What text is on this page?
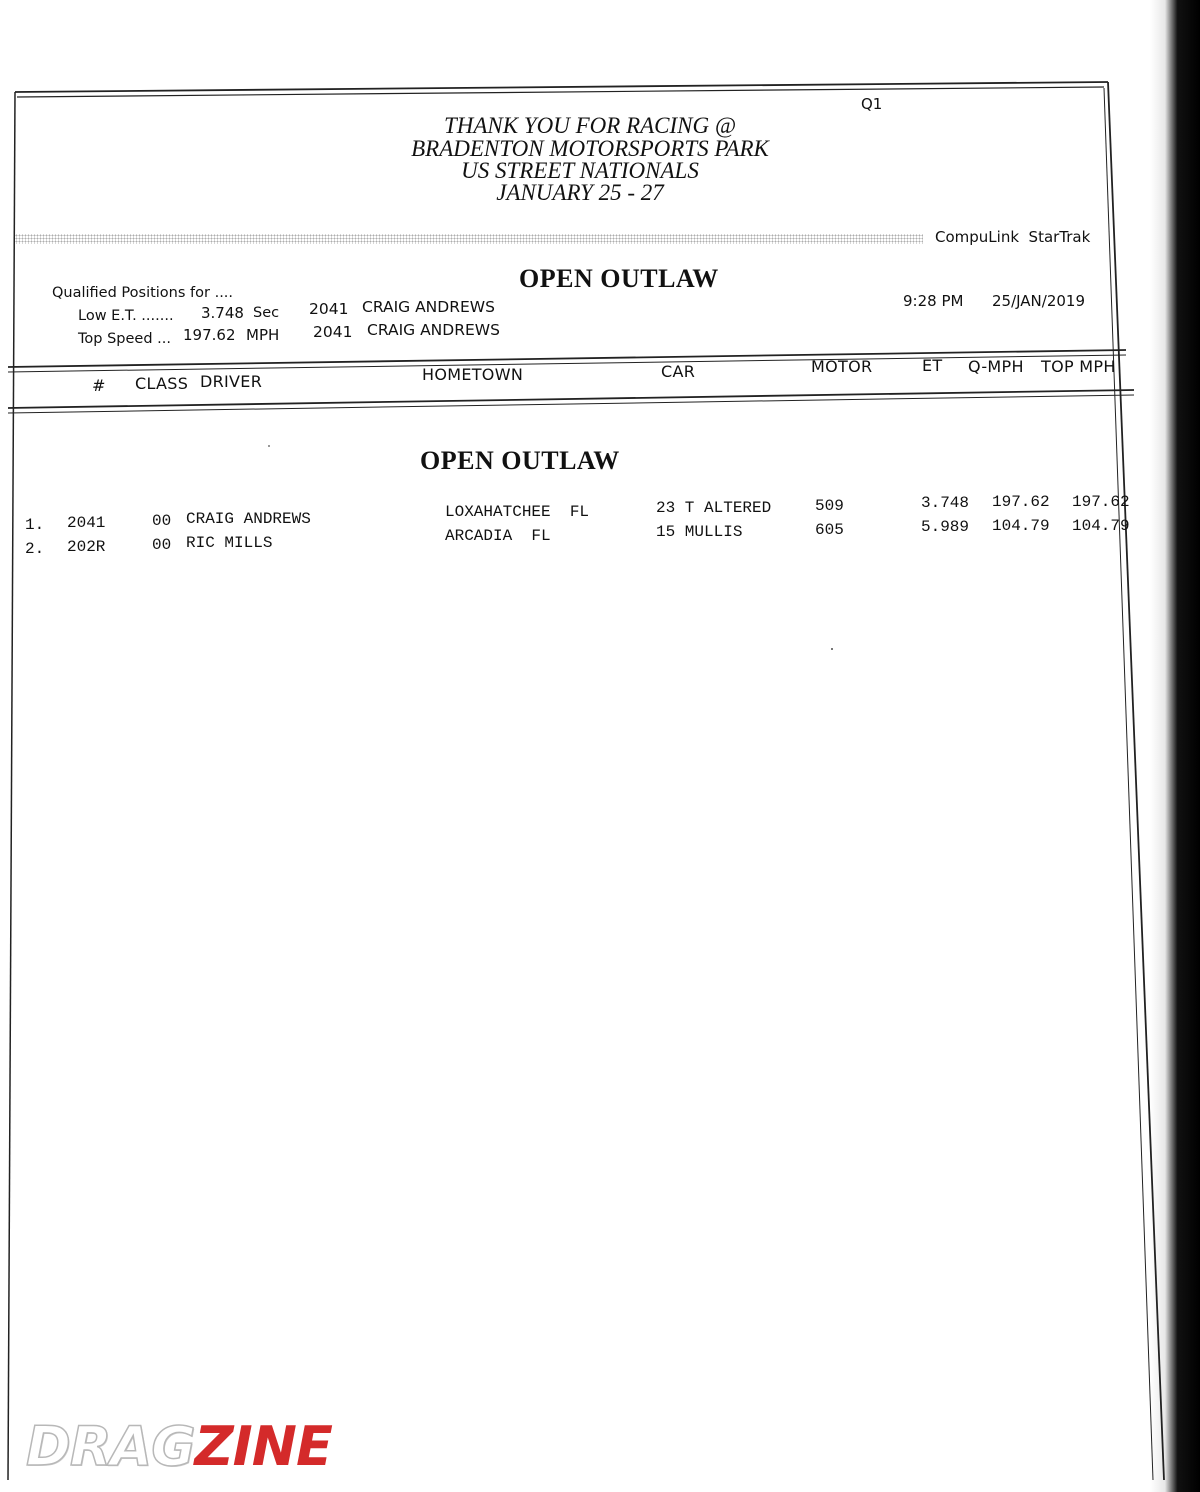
Q1
THANK YOU FOR RACING @
BRADENTON MOTORSPORTS PARK
US STREET NATIONALS
JANUARY 25 - 27
CompuLink  StarTrak
OPEN OUTLAW
Qualified Positions for ....
Low E.T. ....... 3.748 Sec 2041 CRAIG ANDREWS
Top Speed ... 197.62 MPH 2041 CRAIG ANDREWS
9:28 PM 25/JAN/2019
# CLASS DRIVER	HOMETOWN	CAR	MOTOR	ET Q-MPH TOP MPH
OPEN OUTLAW
1. 2041	00 CRAIG ANDREWS	LOXAHATCHEE  FL	23 T ALTERED	509	3.748 197.62 197.62
2. 202R	00 RIC MILLS	ARCADIA  FL	15 MULLIS	605	5.989 104.79 104.79
DRAGZINE
